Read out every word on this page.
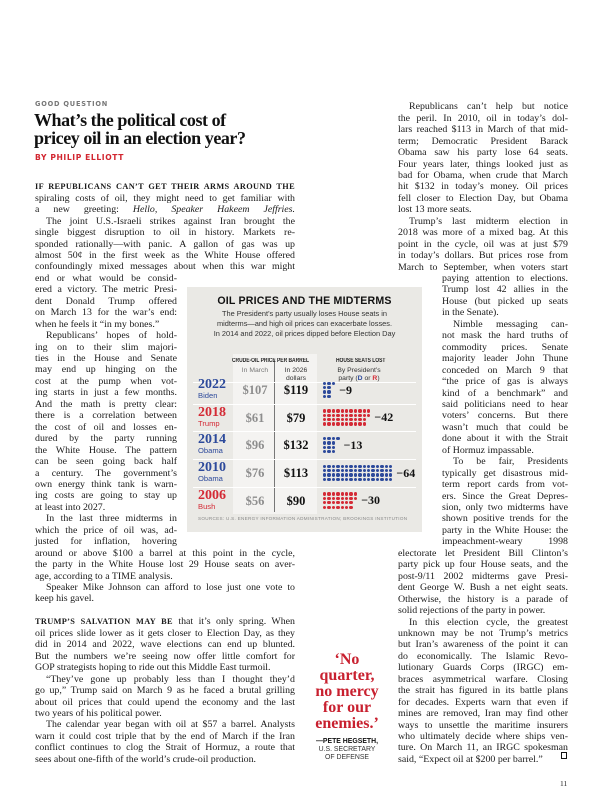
GOOD QUESTION
What’s the political cost of
pricey oil in an election year?
BY PHILIP ELLIOTT
IF REPUBLICANS CAN’T GET THEIR ARMS AROUND THE
spiraling costs of oil, they might need to get familiar with
a new greeting: Hello, Speaker Hakeem Jeffries.
The joint U.S.-Israeli strikes against Iran brought the
single biggest disruption to oil in history. Markets re-
sponded rationally—with panic. A gallon of gas was up
almost 50¢ in the first week as the White House offered
confoundingly mixed messages about when this war might
end or what would be consid-
ered a victory. The metric Presi-
dent Donald Trump offered
on March 13 for the war’s end:
when he feels it “in my bones.”
Republicans’ hopes of hold-
ing on to their slim majori-
ties in the House and Senate
may end up hinging on the
cost at the pump when vot-
ing starts in just a few months.
And the math is pretty clear:
there is a correlation between
the cost of oil and losses en-
dured by the party running
the White House. The pattern
can be seen going back half
a century. The government’s
own energy think tank is warn-
ing costs are going to stay up
at least into 2027.
In the last three midterms in
which the price of oil was, ad-
justed for inflation, hovering
around or above $100 a barrel at this point in the cycle,
the party in the White House lost 29 House seats on aver-
age, according to a TIME analysis.
Speaker Mike Johnson can afford to lose just one vote to
keep his gavel.
TRUMP’S SALVATION MAY BE that it’s only spring. When
oil prices slide lower as it gets closer to Election Day, as they
did in 2014 and 2022, wave elections can end up blunted.
But the numbers we’re seeing now offer little comfort for
GOP strategists hoping to ride out this Middle East turmoil.
“They’ve gone up probably less than I thought they’d
go up,” Trump said on March 9 as he faced a brutal grilling
about oil prices that could upend the economy and the last
two years of his political power.
The calendar year began with oil at $57 a barrel. Analysts
warn it could cost triple that by the end of March if the Iran
conflict continues to clog the Strait of Hormuz, a route that
sees about one-fifth of the world’s crude-oil production.
Republicans can’t help but notice
the peril. In 2010, oil in today’s dol-
lars reached $113 in March of that mid-
term; Democratic President Barack
Obama saw his party lose 64 seats.
Four years later, things looked just as
bad for Obama, when crude that March
hit $132 in today’s money. Oil prices
fell closer to Election Day, but Obama
lost 13 more seats.
Trump’s last midterm election in
2018 was more of a mixed bag. At this
point in the cycle, oil was at just $79
in today’s dollars. But prices rose from
March to September, when voters start
paying attention to elections.
Trump lost 42 allies in the
House (but picked up seats
in the Senate).
Nimble messaging can-
not mask the hard truths of
commodity prices. Senate
majority leader John Thune
conceded on March 9 that
“the price of gas is always
kind of a benchmark” and
said politicians need to hear
voters’ concerns. But there
wasn’t much that could be
done about it with the Strait
of Hormuz impassable.
To be fair, Presidents
typically get disastrous mid-
term report cards from vot-
ers. Since the Great Depres-
sion, only two midterms have
shown positive trends for the
party in the White House: the
impeachment-weary 1998
electorate let President Bill Clinton’s
party pick up four House seats, and the
post-9/11 2002 midterms gave Presi-
dent George W. Bush a net eight seats.
Otherwise, the history is a parade of
solid rejections of the party in power.
In this election cycle, the greatest
unknown may be not Trump’s metrics
but Iran’s awareness of the point it can
do economically. The Islamic Revo-
lutionary Guards Corps (IRGC) em-
braces asymmetrical warfare. Closing
the strait has figured in its battle plans
for decades. Experts warn that even if
mines are removed, Iran may find other
ways to unsettle the maritime insurers
who ultimately decide where ships ven-
ture. On March 11, an IRGC spokesman
said, “Expect oil at $200 per barrel.”
OIL PRICES AND THE MIDTERMS
The President’s party usually loses House seats in
midterms—and high oil prices can exacerbate losses.
In 2014 and 2022, oil prices dipped before Election Day
CRUDE-OIL PRICE PER BARREL	HOUSE SEATS LOST
In March	In 2026
dollars
By President’s
party (D or R)
2022
Biden	$107	$119	−9
2018
Trump	$61	$79	−42
2014
Obama	$96	$132	−13
2010
Obama	$76	$113	−64
2006
Bush	$56	$90	−30
SOURCES: U.S. ENERGY INFORMATION ADMINISTRATION; BROOKINGS INSTITUTION
‘No
quarter,
no mercy
for our
enemies.’
—PETE HEGSETH,
U.S. SECRETARY
OF DEFENSE
11
